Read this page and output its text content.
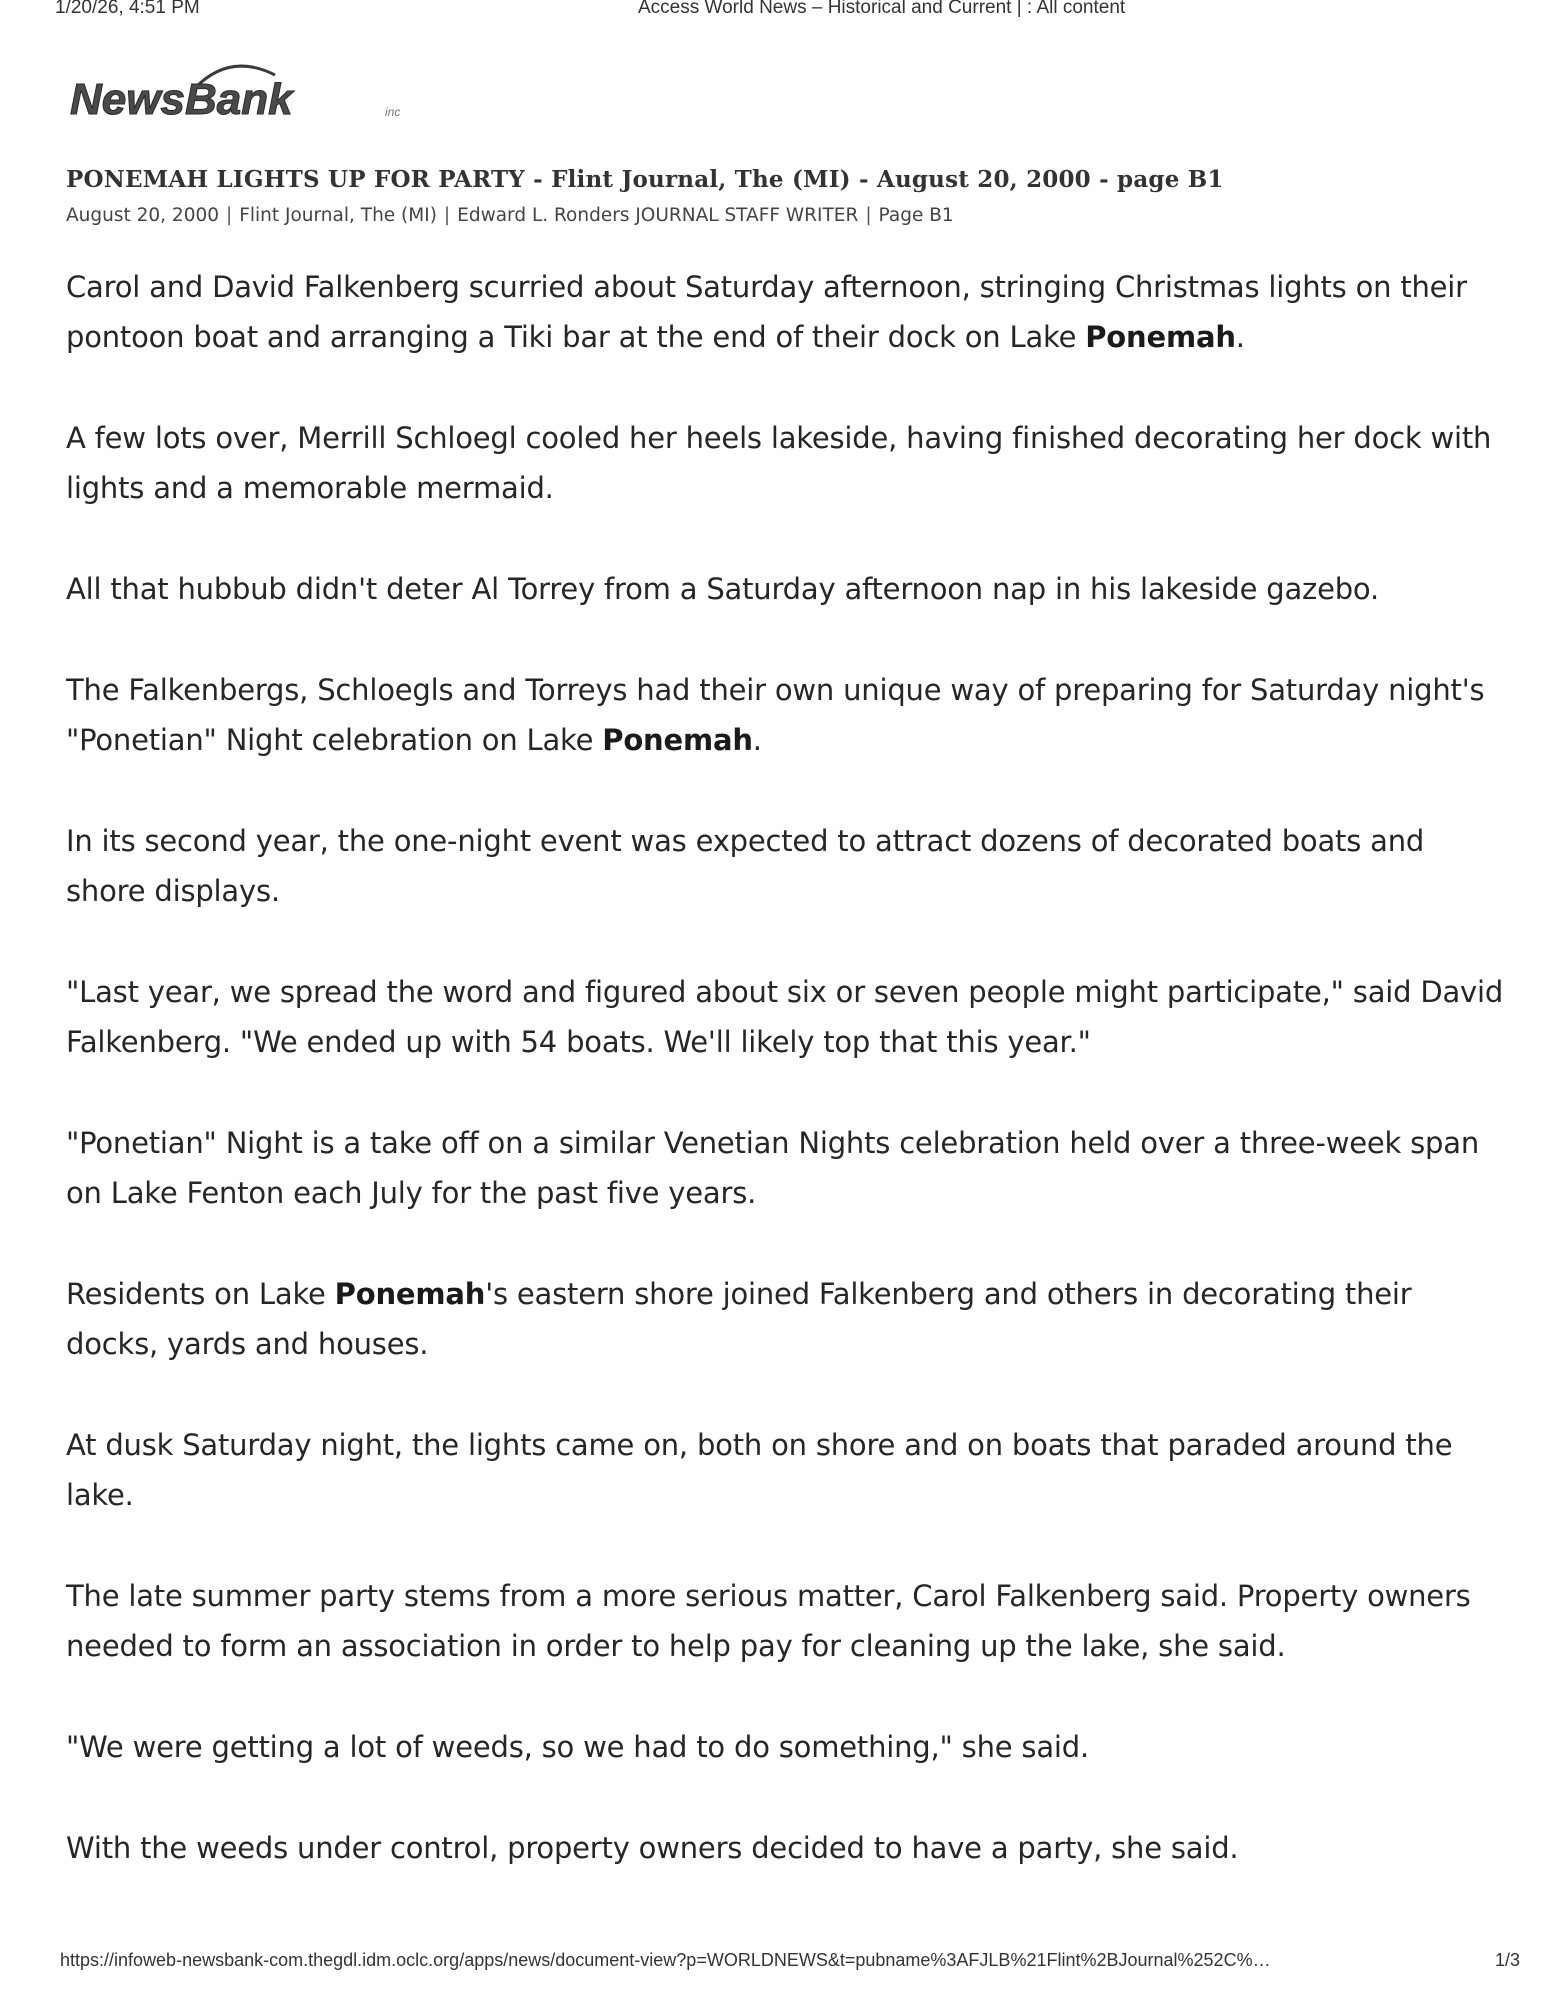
1/20/26, 4:51 PM	Access World News – Historical and Current | : All content
NewsBank	inc
PONEMAH LIGHTS UP FOR PARTY - Flint Journal, The (MI) - August 20, 2000 - page B1
August 20, 2000 | Flint Journal, The (MI) | Edward L. Ronders JOURNAL STAFF WRITER | Page B1

Carol and David Falkenberg scurried about Saturday afternoon, stringing Christmas lights on their pontoon boat and arranging a Tiki bar at the end of their dock on Lake Ponemah.

A few lots over, Merrill Schloegl cooled her heels lakeside, having finished decorating her dock with lights and a memorable mermaid.

All that hubbub didn't deter Al Torrey from a Saturday afternoon nap in his lakeside gazebo.

The Falkenbergs, Schloegls and Torreys had their own unique way of preparing for Saturday night's "Ponetian" Night celebration on Lake Ponemah.

In its second year, the one-night event was expected to attract dozens of decorated boats and shore displays.

"Last year, we spread the word and figured about six or seven people might participate," said David Falkenberg. "We ended up with 54 boats. We'll likely top that this year."

"Ponetian" Night is a take off on a similar Venetian Nights celebration held over a three-week span on Lake Fenton each July for the past five years.

Residents on Lake Ponemah's eastern shore joined Falkenberg and others in decorating their docks, yards and houses.

At dusk Saturday night, the lights came on, both on shore and on boats that paraded around the lake.

The late summer party stems from a more serious matter, Carol Falkenberg said. Property owners needed to form an association in order to help pay for cleaning up the lake, she said.

"We were getting a lot of weeds, so we had to do something," she said.

With the weeds under control, property owners decided to have a party, she said.

https://infoweb-newsbank-com.thegdl.idm.oclc.org/apps/news/document-view?p=WORLDNEWS&t=pubname%3AFJLB%21Flint%2BJournal%252C%…	1/3
